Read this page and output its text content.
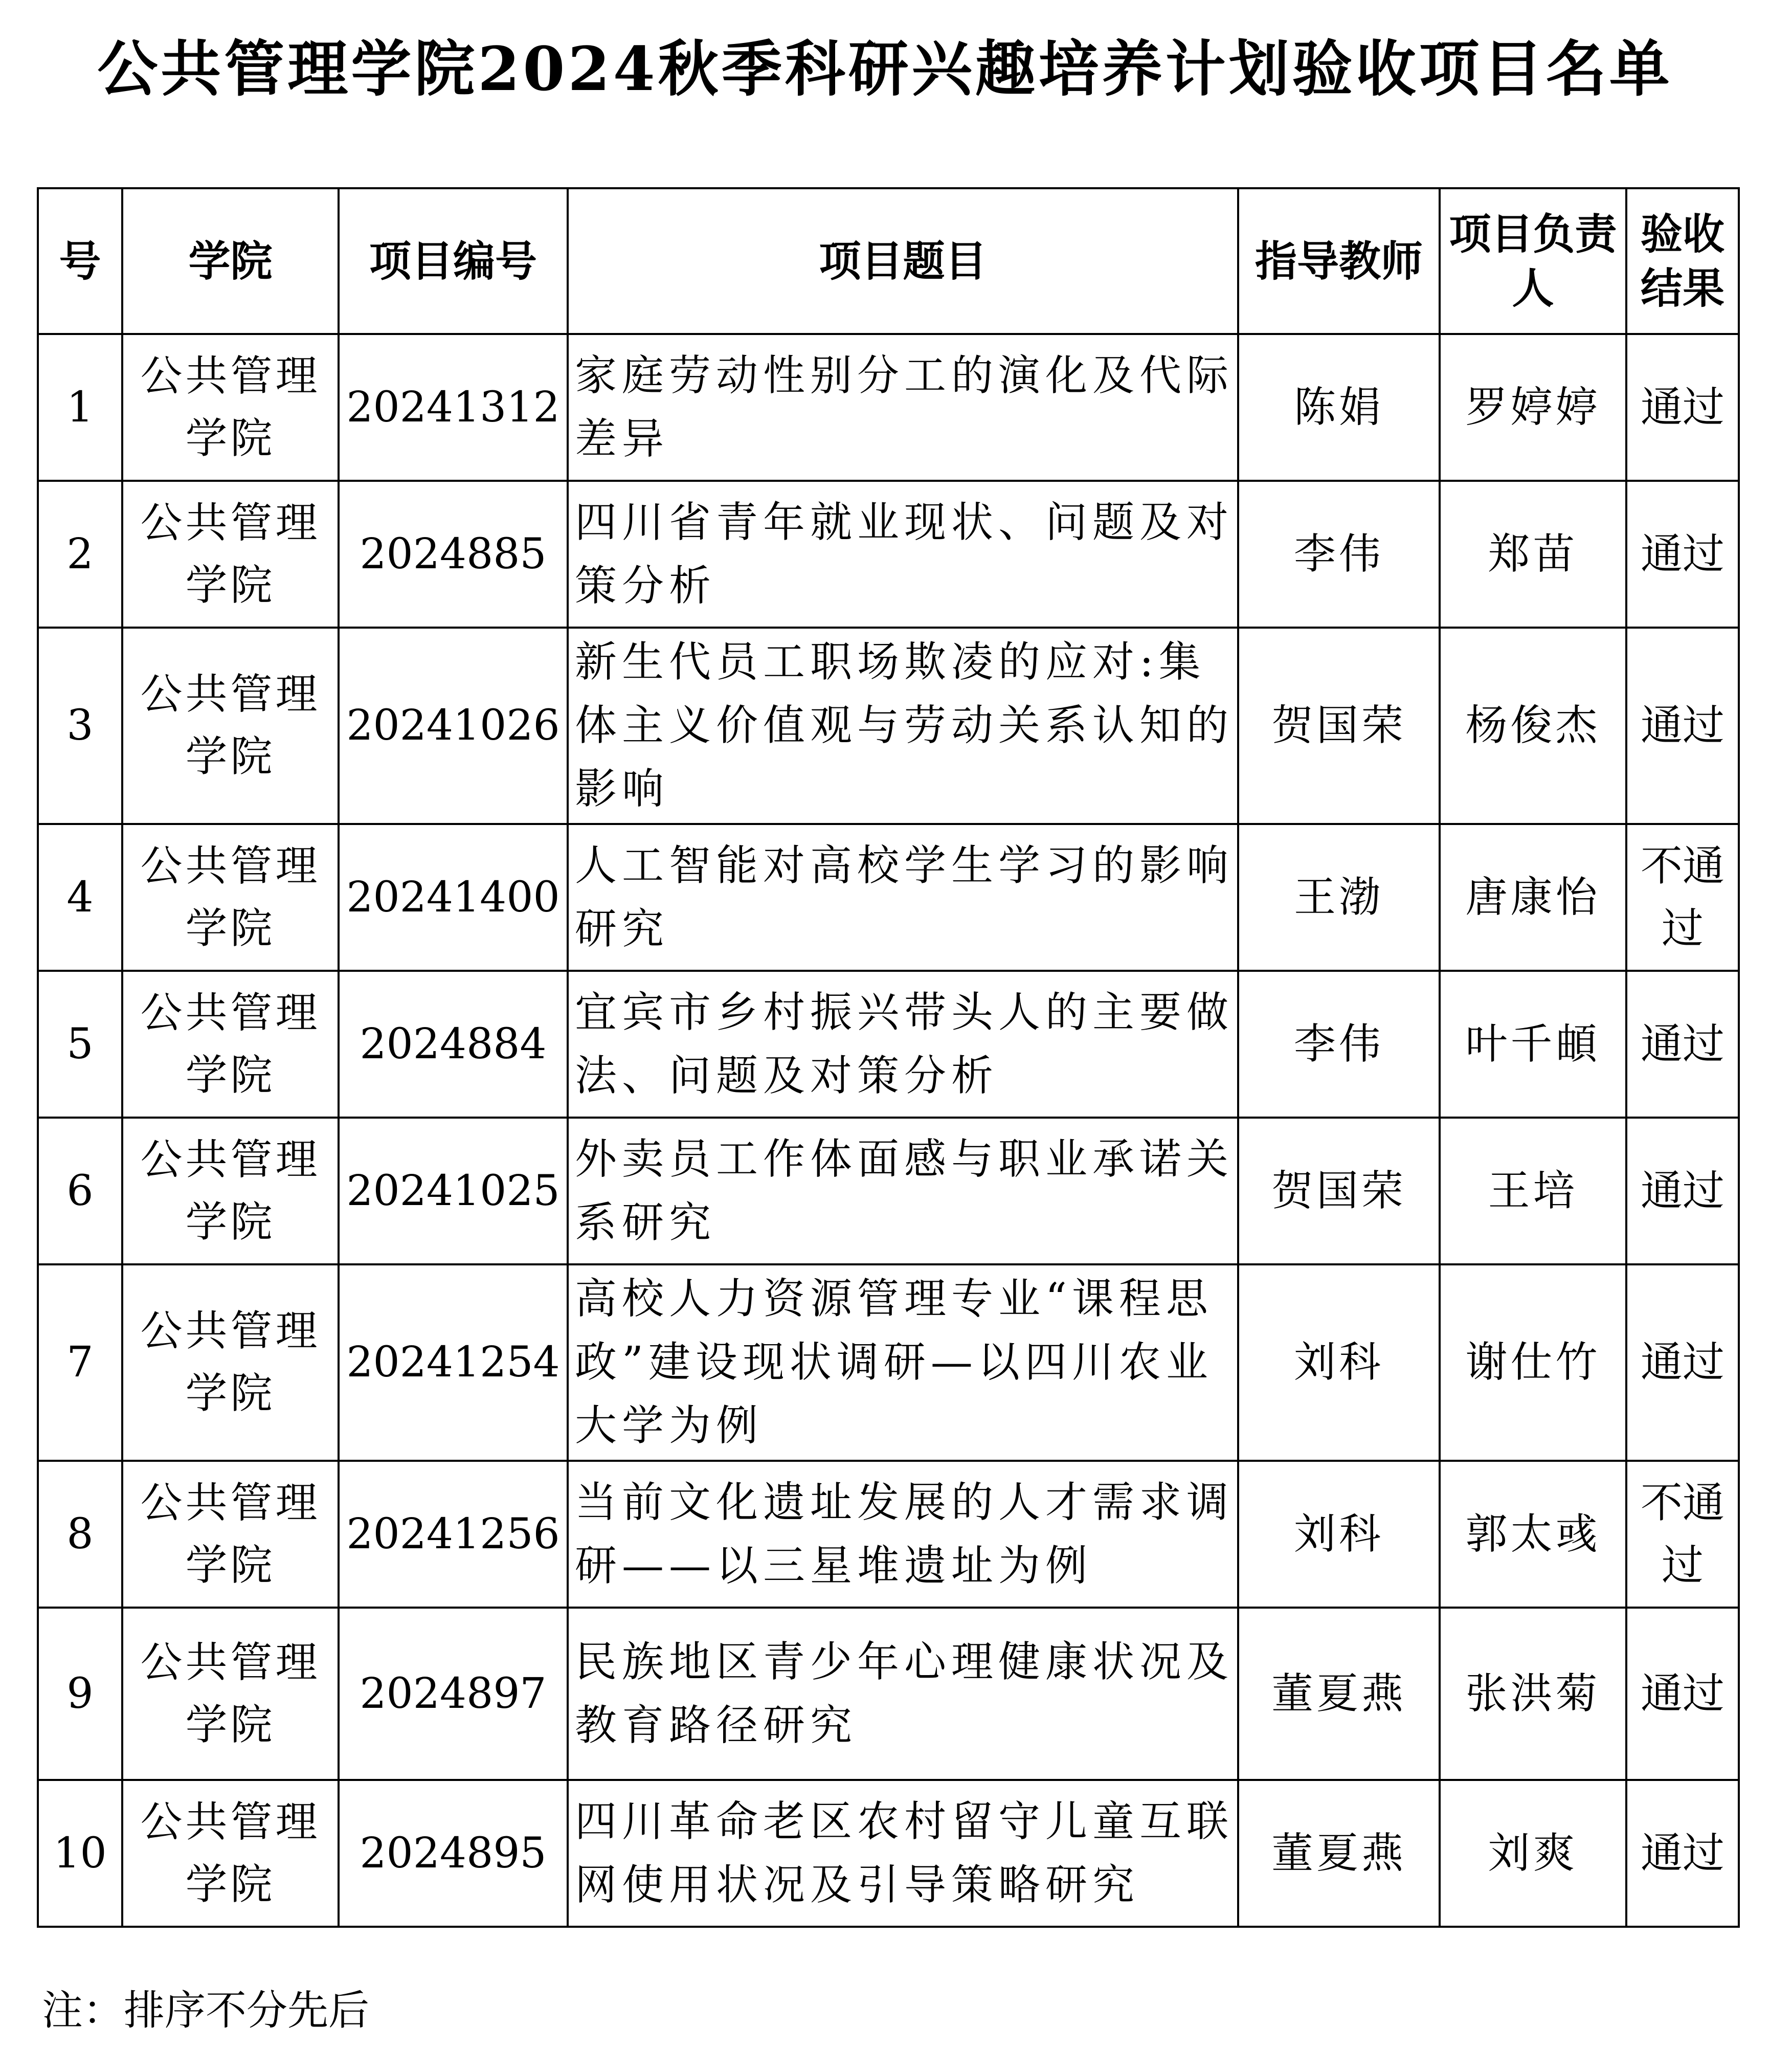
公共管理学院2024秋季科研兴趣培养计划验收项目名单
号	学院	项目编号	项目题目	指导教师	项目负责人	验收结果
1	公共管理学院	20241312	家庭劳动性别分工的演化及代际差异	陈娟	罗婷婷	通过
2	公共管理学院	2024885	四川省青年就业现状、问题及对策分析	李伟	郑苗	通过
3	公共管理学院	20241026	新生代员工职场欺凌的应对:集体主义价值观与劳动关系认知的影响	贺国荣	杨俊杰	通过
4	公共管理学院	20241400	人工智能对高校学生学习的影响研究	王渤	唐康怡	不通过
5	公共管理学院	2024884	宜宾市乡村振兴带头人的主要做法、问题及对策分析	李伟	叶千頔	通过
6	公共管理学院	20241025	外卖员工作体面感与职业承诺关系研究	贺国荣	王培	通过
7	公共管理学院	20241254	高校人力资源管理专业“课程思政”建设现状调研—以四川农业大学为例	刘科	谢仕竹	通过
8	公共管理学院	20241256	当前文化遗址发展的人才需求调研——以三星堆遗址为例	刘科	郭太彧	不通过
9	公共管理学院	2024897	民族地区青少年心理健康状况及教育路径研究	董夏燕	张洪菊	通过
10	公共管理学院	2024895	四川革命老区农村留守儿童互联网使用状况及引导策略研究	董夏燕	刘爽	通过
注：排序不分先后
